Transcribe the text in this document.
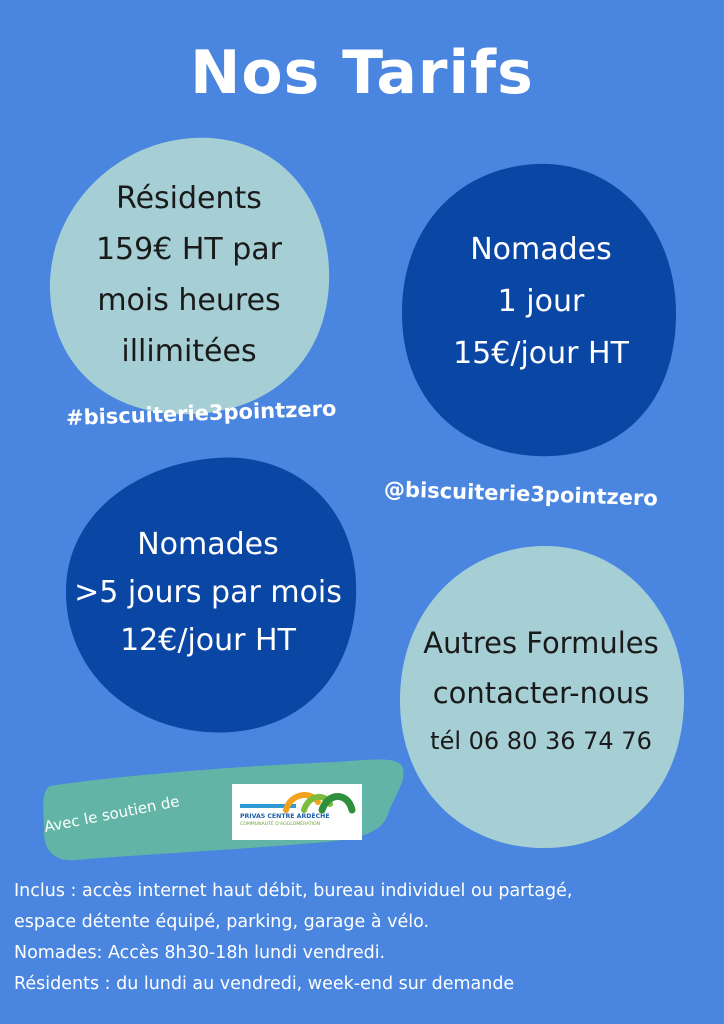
Nos Tarifs
Résidents
159€ HT par
mois heures
illimitées
Nomades
1 jour
15€/jour HT
#biscuiterie3pointzero
@biscuiterie3pointzero
Nomades
>5 jours par mois
12€/jour HT	Autres Formules
contacter-nous
tél 06 80 36 74 76
Avec le soutien de	PRIVAS CENTRE ARDÈCHE
COMMUNAUTÉ D'AGGLOMÉRATION
Inclus : accès internet haut débit, bureau individuel ou partagé,
espace détente équipé, parking, garage à vélo.
Nomades: Accès 8h30-18h lundi vendredi.
Résidents : du lundi au vendredi, week-end sur demande
